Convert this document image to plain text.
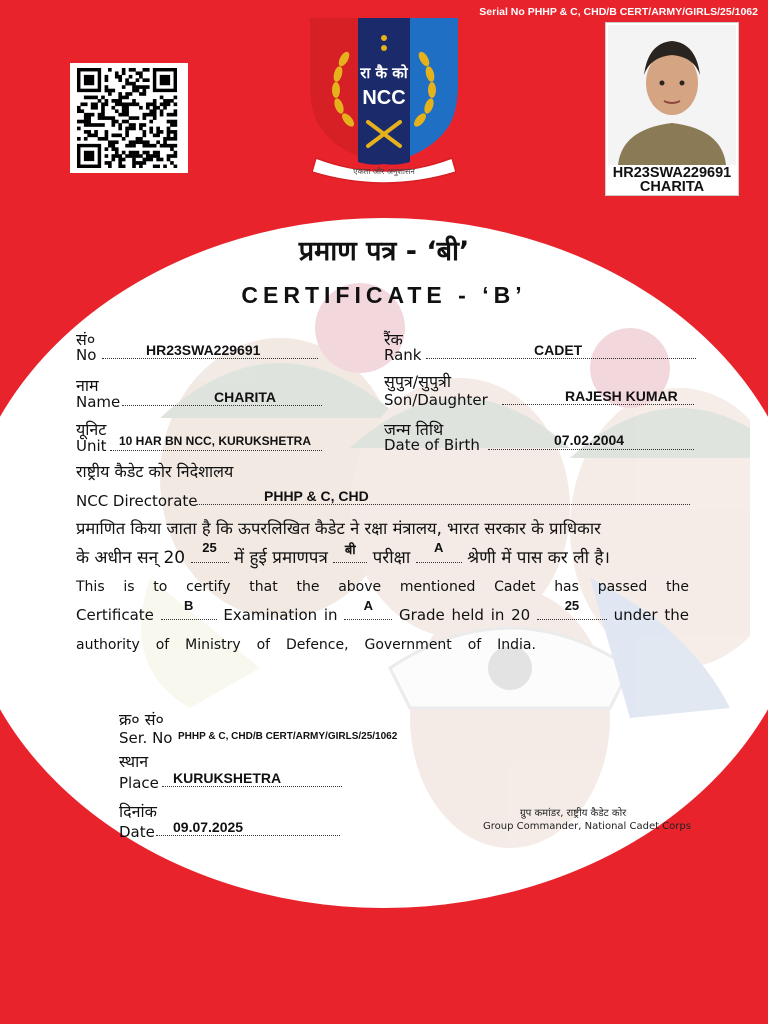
Serial No PHHP & C, CHD/B CERT/ARMY/GIRLS/25/1062
रा कै को
NCC
एकता और अनुशासन	HR23SWA229691
CHARITA
प्रमाण पत्र - ‘बी’
CERTIFICATE - ‘B’
सं०
No	HR23SWA229691
रैंक
Rank	CADET
नाम
Name	CHARITA
सुपुत्र/सुपुत्री
Son/Daughter	RAJESH KUMAR
यूनिट
Unit 10 HAR BN NCC, KURUKSHETRA
जन्म तिथि
Date of Birth	07.02.2004
राष्ट्रीय कैडेट कोर निदेशालय
NCC Directorate	PHHP & C, CHD
प्रमाणित किया जाता है कि ऊपरलिखित कैडेट ने रक्षा मंत्रालय, भारत सरकार के प्राधिकार
के अधीन सन् 20
25
में हुई प्रमाणपत्र	बी	परीक्षा
A
श्रेणी में पास कर ली है।
This is to certify that the above mentioned Cadet has passed the
Certificate
B
Examination in
A
Grade held in 20
25
under the
authority of Ministry of Defence, Government of India.
क्र० सं०
Ser. No PHHP & C, CHD/B CERT/ARMY/GIRLS/25/1062
स्थान
Place KURUKSHETRA
दिनांक
Date 09.07.2025
ग्रुप कमांडर, राष्ट्रीय कैडेट कोर
Group Commander, National Cadet Corps
